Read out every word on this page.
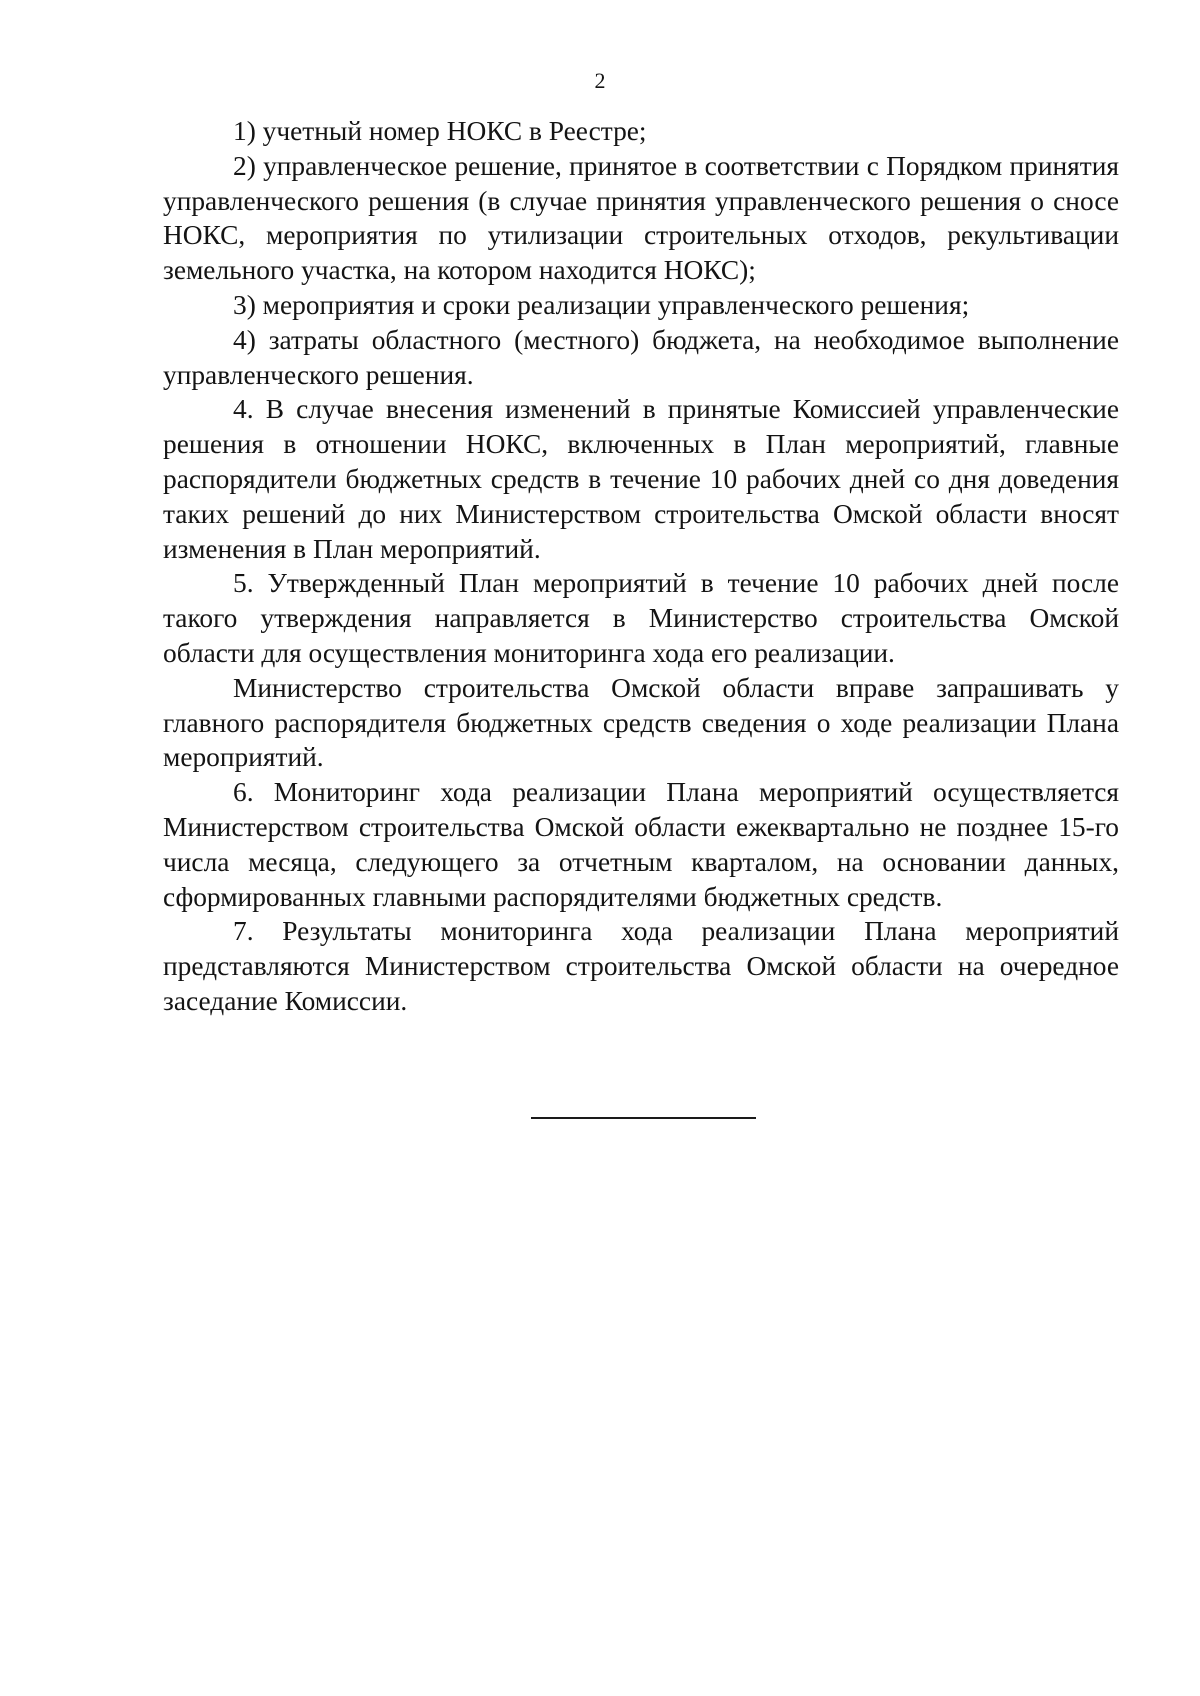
2

1) учетный номер НОКС в Реестре;

2) управленческое решение, принятое в соответствии с Порядком принятия управленческого решения (в случае принятия управленческого решения о сносе НОКС, мероприятия по утилизации строительных отходов, рекультивации земельного участка, на котором находится НОКС);

3) мероприятия и сроки реализации управленческого решения;

4) затраты областного (местного) бюджета, на необходимое выполнение управленческого решения.

4. В случае внесения изменений в принятые Комиссией управленческие решения в отношении НОКС, включенных в План мероприятий, главные распорядители бюджетных средств в течение 10 рабочих дней со дня доведения таких решений до них Министерством строительства Омской области вносят изменения в План мероприятий.

5. Утвержденный План мероприятий в течение 10 рабочих дней после такого утверждения направляется в Министерство строительства Омской области для осуществления мониторинга хода его реализации.

Министерство строительства Омской области вправе запрашивать у главного распорядителя бюджетных средств сведения о ходе реализации Плана мероприятий.

6. Мониторинг хода реализации Плана мероприятий осуществляется Министерством строительства Омской области ежеквартально не позднее 15-го числа месяца, следующего за отчетным кварталом, на основании данных, сформированных главными распорядителями бюджетных средств.

7. Результаты мониторинга хода реализации Плана мероприятий представляются Министерством строительства Омской области на очередное заседание Комиссии.
